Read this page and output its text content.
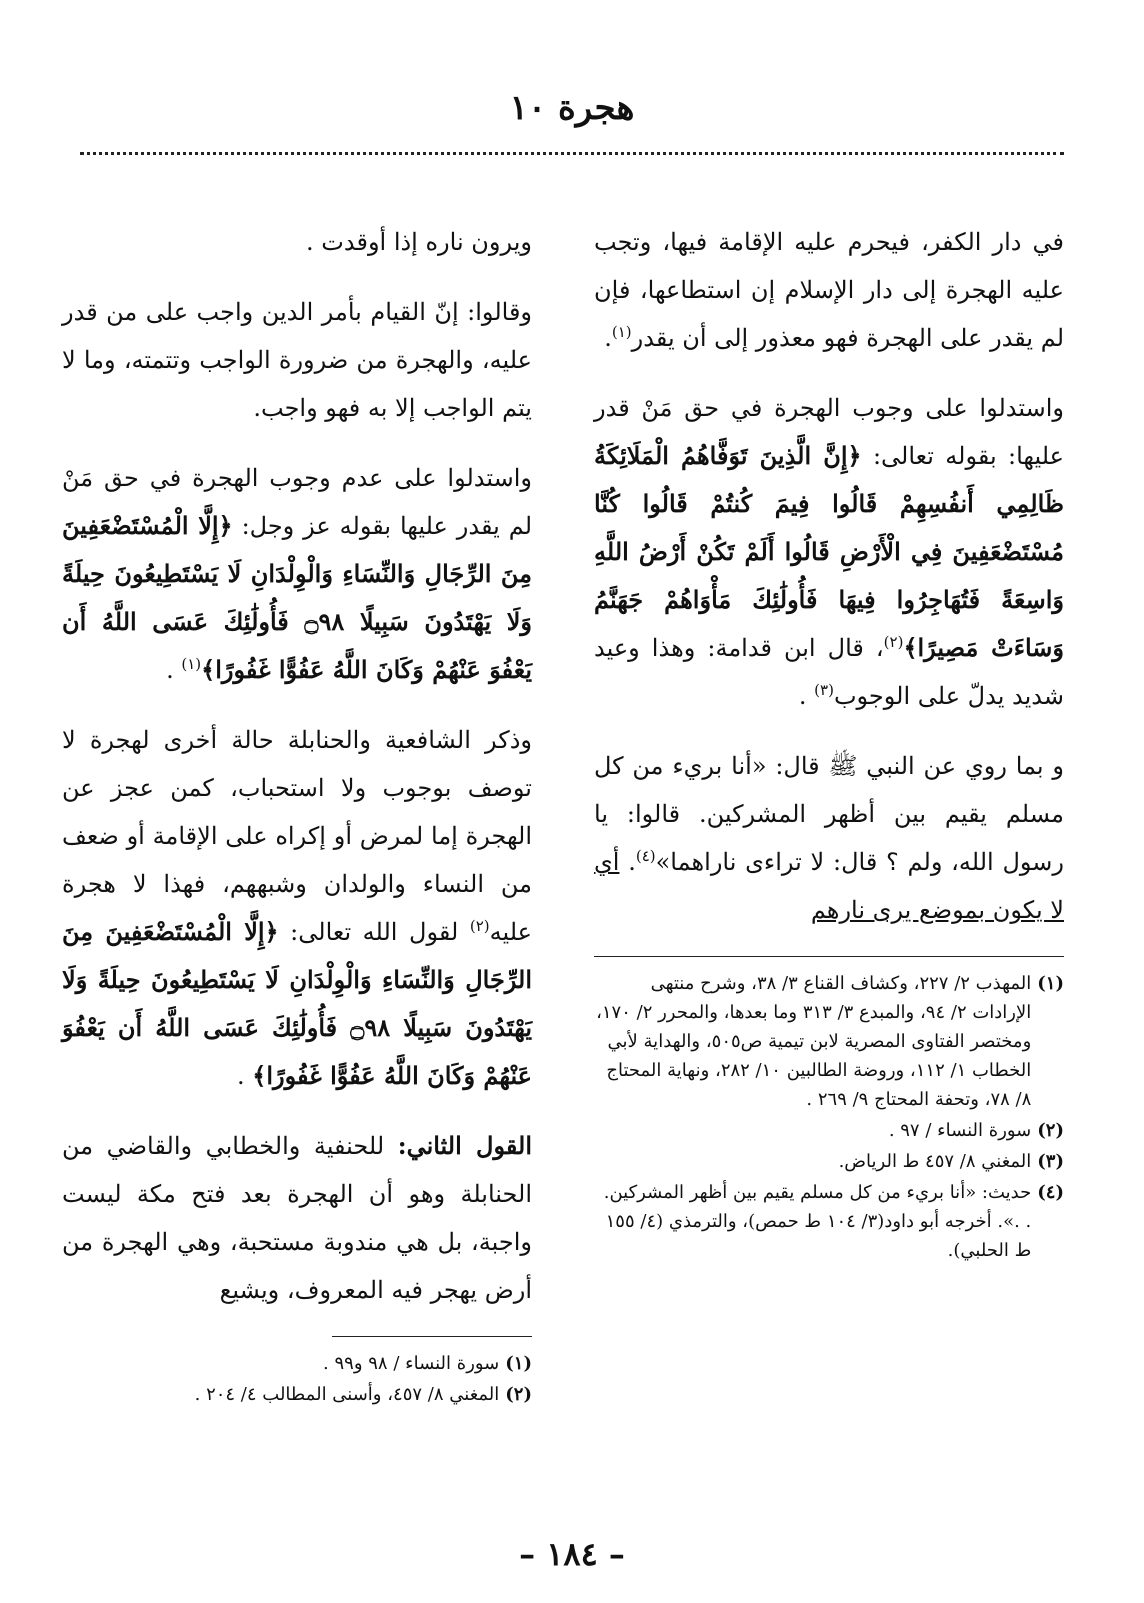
هجرة ١٠

في دار الكفر، فيحرم عليه الإقامة فيها، وتجب عليه الهجرة إلى دار الإسلام إن استطاعها، فإن لم يقدر على الهجرة فهو معذور إلى أن يقدر$^{(١)}$.

واستدلوا على وجوب الهجرة في حق مَنْ قدر عليها: بقوله تعالى: ﴿إِنَّ الَّذِينَ تَوَفَّاهُمُ الْمَلَائِكَةُ ظَالِمِي أَنفُسِهِمْ قَالُوا فِيمَ كُنتُمْ قَالُوا كُنَّا مُسْتَضْعَفِينَ فِي الْأَرْضِ قَالُوا أَلَمْ تَكُنْ أَرْضُ اللَّهِ وَاسِعَةً فَتُهَاجِرُوا فِيهَا فَأُولَٰئِكَ مَأْوَاهُمْ جَهَنَّمُ وَسَاءَتْ مَصِيرًا﴾$^{(٢)}$، قال ابن قدامة: وهذا وعيد شديد يدلّ على الوجوب$^{(٣)}$ .

و بما روي عن النبي ﷺ قال: «أنا بريء من كل مسلم يقيم بين أظهر المشركين. قالوا: يا رسول الله، ولم ؟ قال: لا تراءى ناراهما»$^{(٤)}$. أي لا يكون بموضع يرى نارهم

(١)
المهذب ٢/ ٢٢٧، وكشاف القناع ٣/ ٣٨، وشرح منتهى الإرادات ٢/ ٩٤، والمبدع ٣/ ٣١٣ وما بعدها، والمحرر ٢/ ١٧٠، ومختصر الفتاوى المصرية لابن تيمية ص٥٠٥، والهداية لأبي الخطاب ١/ ١١٢، وروضة الطالبين ١٠/ ٢٨٢، ونهاية المحتاج ٨/ ٧٨، وتحفة المحتاج ٩/ ٢٦٩ .
(٢)
سورة النساء / ٩٧ .
(٣)
المغني ٨/ ٤٥٧ ط الرياض.
(٤)
حديث: «أنا بريء من كل مسلم يقيم بين أظهر المشركين. . .». أخرجه أبو داود(٣/ ١٠٤ ط حمص)، والترمذي (٤/ ١٥٥ ط الحلبي).

ويرون ناره إذا أوقدت .

وقالوا: إنّ القيام بأمر الدين واجب على من قدر عليه، والهجرة من ضرورة الواجب وتتمته، وما لا يتم الواجب إلا به فهو واجب.

واستدلوا على عدم وجوب الهجرة في حق مَنْ لم يقدر عليها بقوله عز وجل: ﴿إِلَّا الْمُسْتَضْعَفِينَ مِنَ الرِّجَالِ وَالنِّسَاءِ وَالْوِلْدَانِ لَا يَسْتَطِيعُونَ حِيلَةً وَلَا يَهْتَدُونَ سَبِيلًا ۝٩٨ فَأُولَٰئِكَ عَسَى اللَّهُ أَن يَعْفُوَ عَنْهُمْ وَكَانَ اللَّهُ عَفُوًّا غَفُورًا﴾$^{(١)}$ .

وذكر الشافعية والحنابلة حالة أخرى لهجرة لا توصف بوجوب ولا استحباب، كمن عجز عن الهجرة إما لمرض أو إكراه على الإقامة أو ضعف من النساء والولدان وشبههم، فهذا لا هجرة عليه$^{(٢)}$ لقول الله تعالى: ﴿إِلَّا الْمُسْتَضْعَفِينَ مِنَ الرِّجَالِ وَالنِّسَاءِ وَالْوِلْدَانِ لَا يَسْتَطِيعُونَ حِيلَةً وَلَا يَهْتَدُونَ سَبِيلًا ۝٩٨ فَأُولَٰئِكَ عَسَى اللَّهُ أَن يَعْفُوَ عَنْهُمْ وَكَانَ اللَّهُ عَفُوًّا غَفُورًا﴾ .

القول الثاني: للحنفية والخطابي والقاضي من الحنابلة وهو أن الهجرة بعد فتح مكة ليست واجبة، بل هي مندوبة مستحبة، وهي الهجرة من أرض يهجر فيه المعروف، ويشيع

(١)
سورة النساء / ٩٨ و٩٩ .
(٢)
المغني ٨/ ٤٥٧، وأسنى المطالب ٤/ ٢٠٤ .
– ١٨٤ –
